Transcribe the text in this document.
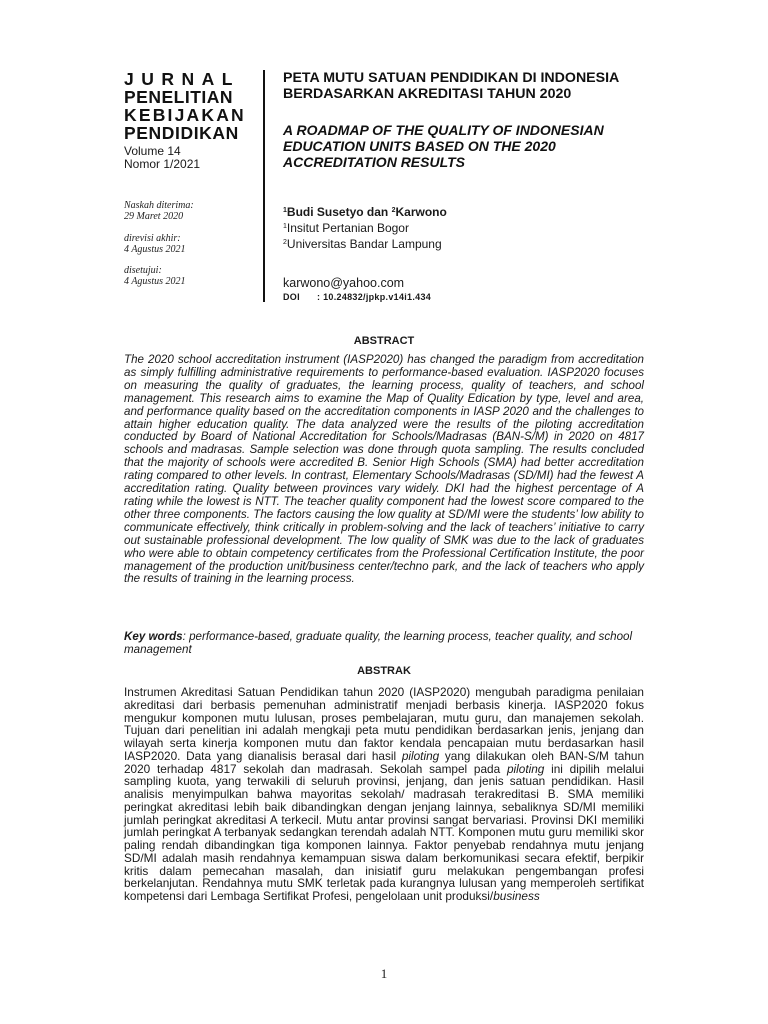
JURNAL
PENELITIAN
KEBIJAKAN
PENDIDIKAN
Volume 14
Nomor 1/2021
Naskah diterima:
29 Maret 2020
direvisi akhir:
4 Agustus 2021
disetujui:
4 Agustus 2021
PETA MUTU SATUAN PENDIDIKAN DI INDONESIA BERDASARKAN AKREDITASI TAHUN 2020
A ROADMAP OF THE QUALITY OF INDONESIAN EDUCATION UNITS BASED ON THE 2020 ACCREDITATION RESULTS
$^1$Budi Susetyo dan $^2$Karwono
$^1$Insitut Pertanian Bogor
$^2$Universitas Bandar Lampung
karwono@yahoo.com
DOI : 10.24832/jpkp.v14i1.434
ABSTRACT

The 2020 school accreditation instrument (IASP2020) has changed the paradigm from accreditation as simply fulfilling administrative requirements to performance-based evaluation. IASP2020 focuses on measuring the quality of graduates, the learning process, quality of teachers, and school management. This research aims to examine the Map of Quality Edication by type, level and area, and performance quality based on the accreditation components in IASP 2020 and the challenges to attain higher education quality. The data analyzed were the results of the piloting accreditation conducted by Board of National Accreditation for Schools/Madrasas (BAN-S/M) in 2020 on 4817 schools and madrasas. Sample selection was done through quota sampling. The results concluded that the majority of schools were accredited B. Senior High Schools (SMA) had better accreditation rating compared to other levels. In contrast, Elementary Schools/Madrasas (SD/MI) had the fewest A accreditation rating. Quality between provinces vary widely. DKI had the highest percentage of A rating while the lowest is NTT. The teacher quality component had the lowest score compared to the other three components. The factors causing the low quality at SD/MI were the students’ low ability to communicate effectively, think critically in problem-solving and the lack of teachers’ initiative to carry out sustainable professional development. The low quality of SMK was due to the lack of graduates who were able to obtain competency certificates from the Professional Certification Institute, the poor management of the production unit/business center/techno park, and the lack of teachers who apply the results of training in the learning process.

Key words: performance-based, graduate quality, the learning process, teacher quality, and school management

ABSTRAK

Instrumen Akreditasi Satuan Pendidikan tahun 2020 (IASP2020) mengubah paradigma penilaian akreditasi dari berbasis pemenuhan administratif menjadi berbasis kinerja. IASP2020 fokus mengukur komponen mutu lulusan, proses pembelajaran, mutu guru, dan manajemen sekolah. Tujuan dari penelitian ini adalah mengkaji peta mutu pendidikan berdasarkan jenis, jenjang dan wilayah serta kinerja komponen mutu dan faktor kendala pencapaian mutu berdasarkan hasil IASP2020. Data yang dianalisis berasal dari hasil piloting yang dilakukan oleh BAN-S/M tahun 2020 terhadap 4817 sekolah dan madrasah. Sekolah sampel pada piloting ini dipilih melalui sampling kuota, yang terwakili di seluruh provinsi, jenjang, dan jenis satuan pendidikan. Hasil analisis menyimpulkan bahwa mayoritas sekolah/ madrasah terakreditasi B. SMA memiliki peringkat akreditasi lebih baik dibandingkan dengan jenjang lainnya, sebaliknya SD/MI memiliki jumlah peringkat akreditasi A terkecil. Mutu antar provinsi sangat bervariasi. Provinsi DKI memiliki jumlah peringkat A terbanyak sedangkan terendah adalah NTT. Komponen mutu guru memiliki skor paling rendah dibandingkan tiga komponen lainnya. Faktor penyebab rendahnya mutu jenjang SD/MI adalah masih rendahnya kemampuan siswa dalam berkomunikasi secara efektif, berpikir kritis dalam pemecahan masalah, dan inisiatif guru melakukan pengembangan profesi berkelanjutan. Rendahnya mutu SMK terletak pada kurangnya lulusan yang memperoleh sertifikat kompetensi dari Lembaga Sertifikat Profesi, pengelolaan unit produksi/business

1
